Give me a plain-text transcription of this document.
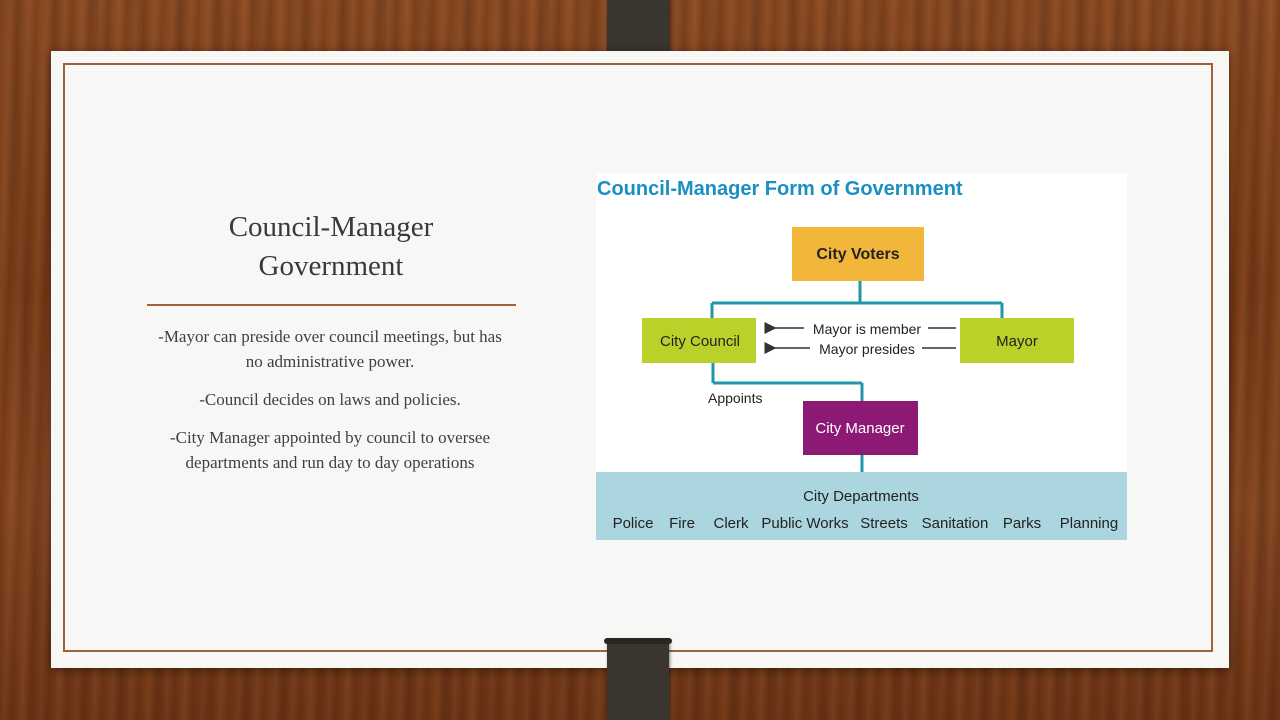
Council-Manager
Government

-Mayor can preside over council meetings, but has no administrative power.

-Council decides on laws and policies.

-City Manager appointed by council to oversee departments and run day to day operations

Council-Manager Form of Government
City Voters
City Council	Mayor
Mayor is member
Mayor presides
Appoints
City Manager
City Departments
Police Fire Clerk Public Works Streets Sanitation Parks Planning
